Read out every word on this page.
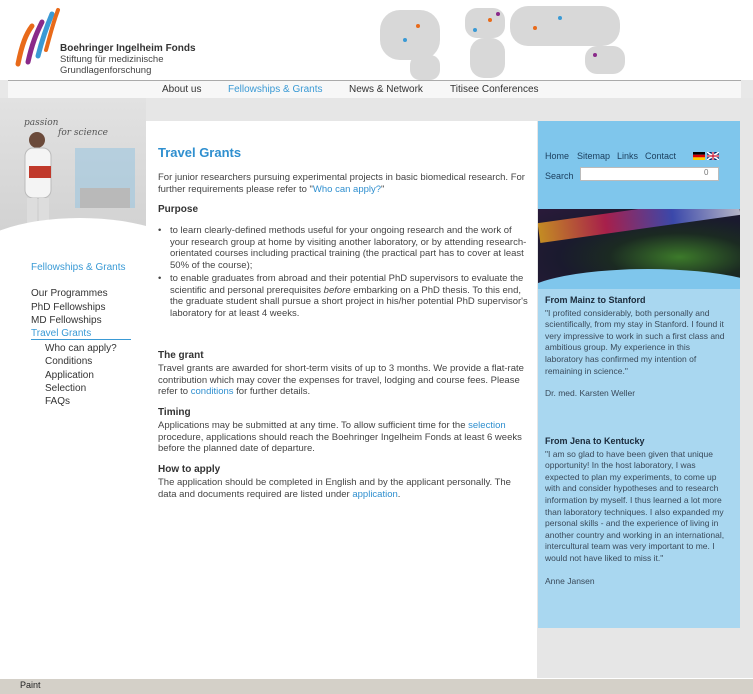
Boehringer Ingelheim Fonds
Stiftung für medizinische
Grundlagenforschung
About us	Fellowships & Grants	News & Network	Titisee Conferences
passion
for science
Fellowships & Grants
Our Programmes
PhD Fellowships
MD Fellowships
Travel Grants
Who can apply?
Conditions
Application
Selection
FAQs
Travel Grants

For junior researchers pursuing experimental projects in basic biomedical research. For further requirements please refer to "Who can apply?"

Purpose
• to learn clearly-defined methods useful for your ongoing research and the work of your research group at home by visiting another laboratory, or by attending research-orientated courses including practical training (the practical part has to cover at least 50% of the course);
• to enable graduates from abroad and their potential PhD supervisors to evaluate the scientific and personal prerequisites before embarking on a PhD thesis. To this end, the graduate student shall pursue a short project in his/her potential PhD supervisor's laboratory for at least 4 weeks.
The grant

Travel grants are awarded for short-term visits of up to 3 months. We provide a flat-rate contribution which may cover the expenses for travel, lodging and course fees. Please refer to conditions for further details.

Timing

Applications may be submitted at any time. To allow sufficient time for the selection procedure, applications should reach the Boehringer Ingelheim Fonds at least 6 weeks before the planned date of departure.

How to apply

The application should be completed in English and by the applicant personally. The data and documents required are listed under application.

Home Sitemap Links Contact
Search	0
From Mainz to Stanford
"I profited considerably, both personally and scientifically, from my stay in Stanford. I found it very impressive to work in such a first class and ambitious group. My experience in this laboratory has confirmed my intention of remaining in science."
Dr. med. Karsten Weller
From Jena to Kentucky
"I am so glad to have been given that unique opportunity! In the host laboratory, I was expected to plan my experiments, to come up with and consider hypotheses and to research information by myself. I thus learned a lot more than laboratory techniques. I also expanded my personal skills - and the experience of living in another country and working in an international, intercultural team was very important to me. I would not have liked to miss it."
Anne Jansen
Paint
